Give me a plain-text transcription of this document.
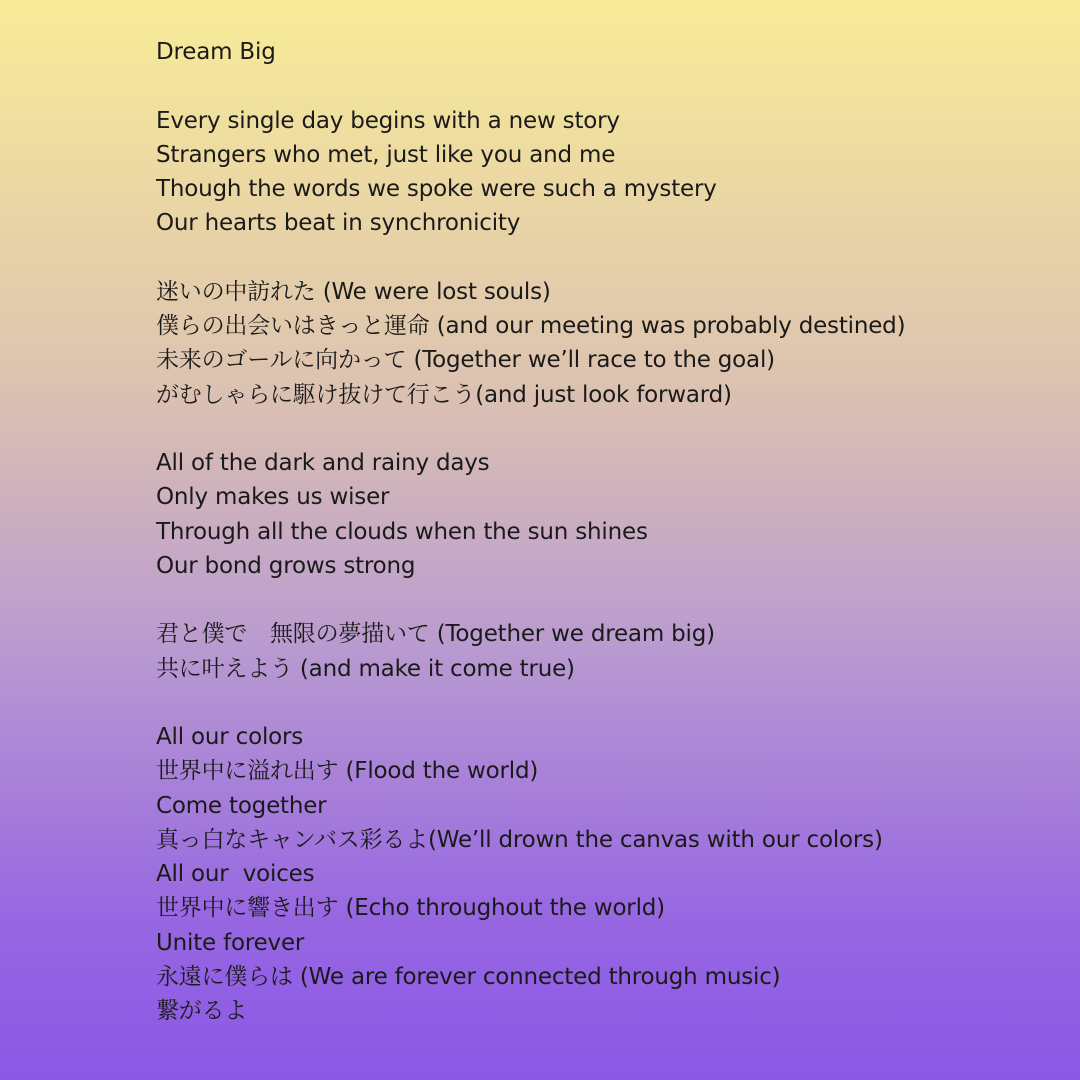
Dream Big
Every single day begins with a new story
Strangers who met, just like you and me
Though the words we spoke were such a mystery
Our hearts beat in synchronicity
迷いの中訪れた (We were lost souls)
僕らの出会いはきっと運命 (and our meeting was probably destined)
未来のゴールに向かって (Together we’ll race to the goal)
がむしゃらに駆け抜けて行こう(and just look forward)
All of the dark and rainy days
Only makes us wiser
Through all the clouds when the sun shines
Our bond grows strong
君と僕で　無限の夢描いて (Together we dream big)
共に叶えよう (and make it come true)
All our colors
世界中に溢れ出す (Flood the world)
Come together
真っ白なキャンバス彩るよ(We’ll drown the canvas with our colors)
All our  voices
世界中に響き出す (Echo throughout the world)
Unite forever
永遠に僕らは (We are forever connected through music)
繋がるよ
